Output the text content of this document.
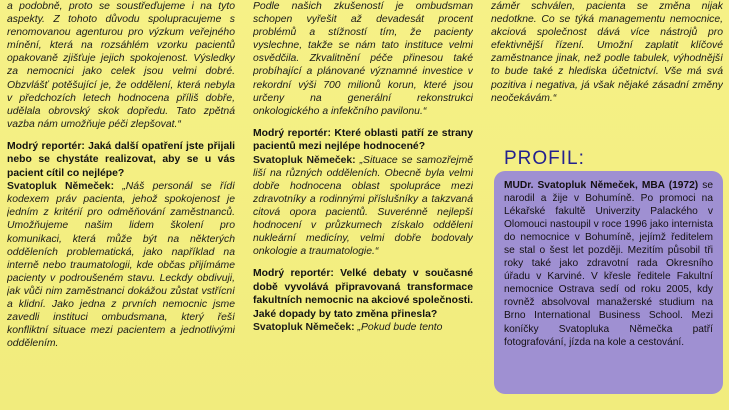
a podobně, proto se soustřeďujeme i na tyto aspekty. Z tohoto důvodu spolupracujeme s renomovanou agenturou pro výzkum veřejného mínění, která na rozsáhlém vzorku pacientů opakovaně zjišťuje jejich spokojenost. Výsledky za nemocnici jako celek jsou velmi dobré. Obzvlášť potěšující je, že oddělení, která nebyla v předchozích letech hodnocena příliš dobře, udělala obrovský skok dopředu. Tato zpětná vazba nám umožňuje péči zlepšovat.“

Modrý reportér: Jaká další opatření jste přijali nebo se chystáte realizovat, aby se u vás pacient cítil co nejlépe?

Svatopluk Němeček: „Náš personál se řídí kodexem práv pacienta, jehož spokojenost je jedním z kritérií pro odměňování zaměstnanců. Umožňujeme našim lidem školení pro komunikaci, která může být na některých odděleních problematická, jako například na interně nebo traumatologii, kde občas přijímáme pacienty v podroušeném stavu. Leckdy obdivuji, jak vůči nim zaměstnanci dokážou zůstat vstřícní a klidní. Jako jedna z prvních nemocnic jsme zavedli instituci ombudsmana, který řeší konfliktní situace mezi pacientem a jednotlivými oddělením.

Podle našich zkušeností je ombudsman schopen vyřešit až devadesát procent problémů a stížností tím, že pacienty vyslechne, takže se nám tato instituce velmi osvědčila. Zkvalitnění péče přinesou také probíhající a plánované významné investice v rekordní výši 700 milionů korun, které jsou určeny na generální rekonstrukci onkologického a infekčního pavilonu.“

Modrý reportér: Které oblasti patří ze strany pacientů mezi nejlépe hodnocené?

Svatopluk Němeček: „Situace se samozřejmě liší na různých odděleních. Obecně byla velmi dobře hodnocena oblast spolupráce mezi zdravotníky a rodinnými příslušníky a takzvaná citová opora pacientů. Suverénně nejlepší hodnocení v průzkumech získalo oddělení nukleární medicíny, velmi dobře bodovaly onkologie a traumatologie.“

Modrý reportér: Velké debaty v současné době vyvolává připravovaná transformace fakultních nemocnic na akciové společnosti. Jaké dopady by tato změna přinesla?

Svatopluk Němeček: „Pokud bude tento

záměr schválen, pacienta se změna nijak nedotkne. Co se týká managementu nemocnice, akciová společnost dává více nástrojů pro efektivnější řízení. Umožní zaplatit klíčové zaměstnance jinak, než podle tabulek, výhodnější to bude také z hlediska účetnictví. Vše má svá pozitiva i negativa, já však nějaké zásadní změny neočekávám.“

PROFIL:
MUDr. Svatopluk Němeček, MBA (1972) se narodil a žije v Bohumíně. Po promoci na Lékařské fakultě Univerzity Palackého v Olomouci nastoupil v roce 1996 jako internista do nemocnice v Bohumíně, jejímž ředitelem se stal o šest let později. Mezitím působil tři roky také jako zdravotní rada Okresního úřadu v Karviné. V křesle ředitele Fakultní nemocnice Ostrava sedí od roku 2005, kdy rovněž absolvoval manažerské studium na Brno International Business School. Mezi koníčky Svatopluka Němečka patří fotografování, jízda na kole a cestování.
